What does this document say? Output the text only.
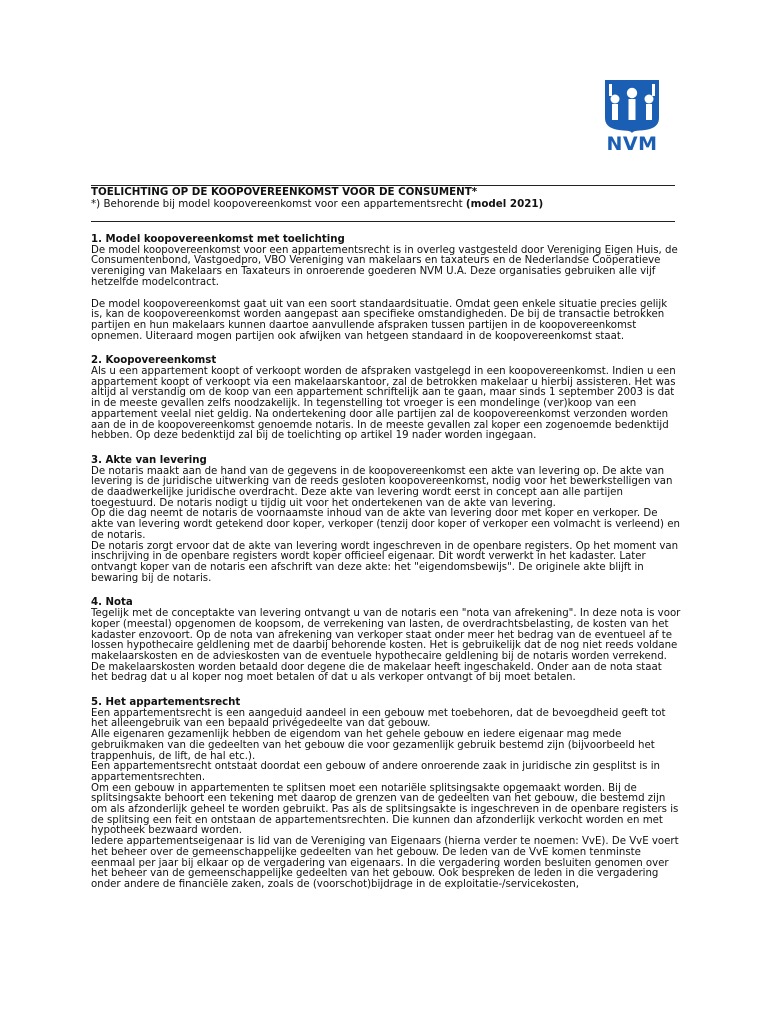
NVM
TOELICHTING OP DE KOOPOVEREENKOMST VOOR DE CONSUMENT*
*) Behorende bij model koopovereenkomst voor een appartementsrecht (model 2021)
1. Model koopovereenkomst met toelichting

De model koopovereenkomst voor een appartementsrecht is in overleg vastgesteld door Vereniging Eigen Huis, de Consumentenbond, Vastgoedpro, VBO Vereniging van makelaars en taxateurs en de Nederlandse Coöperatieve vereniging van Makelaars en Taxateurs in onroerende goederen NVM U.A. Deze organisaties gebruiken alle vijf hetzelfde modelcontract.

De model koopovereenkomst gaat uit van een soort standaardsituatie. Omdat geen enkele situatie precies gelijk is, kan de koopovereenkomst worden aangepast aan specifieke omstandigheden. De bij de transactie betrokken partijen en hun makelaars kunnen daartoe aanvullende afspraken tussen partijen in de koopovereenkomst opnemen. Uiteraard mogen partijen ook afwijken van hetgeen standaard in de koopovereenkomst staat.

2. Koopovereenkomst

Als u een appartement koopt of verkoopt worden de afspraken vastgelegd in een koopovereenkomst. Indien u een appartement koopt of verkoopt via een makelaarskantoor, zal de betrokken makelaar u hierbij assisteren. Het was altijd al verstandig om de koop van een appartement schriftelijk aan te gaan, maar sinds 1 september 2003 is dat in de meeste gevallen zelfs noodzakelijk. In tegenstelling tot vroeger is een mondelinge (ver)koop van een appartement veelal niet geldig. Na ondertekening door alle partijen zal de koopovereenkomst verzonden worden aan de in de koopovereenkomst genoemde notaris. In de meeste gevallen zal koper een zogenoemde bedenktijd hebben. Op deze bedenktijd zal bij de toelichting op artikel 19 nader worden ingegaan.

3. Akte van levering

De notaris maakt aan de hand van de gegevens in de koopovereenkomst een akte van levering op. De akte van levering is de juridische uitwerking van de reeds gesloten koopovereenkomst, nodig voor het bewerkstelligen van de daadwerkelijke juridische overdracht. Deze akte van levering wordt eerst in concept aan alle partijen toegestuurd. De notaris nodigt u tijdig uit voor het ondertekenen van de akte van levering.

Op die dag neemt de notaris de voornaamste inhoud van de akte van levering door met koper en verkoper. De akte van levering wordt getekend door koper, verkoper (tenzij door koper of verkoper een volmacht is verleend) en de notaris.

De notaris zorgt ervoor dat de akte van levering wordt ingeschreven in de openbare registers. Op het moment van inschrijving in de openbare registers wordt koper officieel eigenaar. Dit wordt verwerkt in het kadaster. Later ontvangt koper van de notaris een afschrift van deze akte: het "eigendomsbewijs". De originele akte blijft in bewaring bij de notaris.

4. Nota

Tegelijk met de conceptakte van levering ontvangt u van de notaris een "nota van afrekening". In deze nota is voor koper (meestal) opgenomen de koopsom, de verrekening van lasten, de overdrachtsbelasting, de kosten van het kadaster enzovoort. Op de nota van afrekening van verkoper staat onder meer het bedrag van de eventueel af te lossen hypothecaire geldlening met de daarbij behorende kosten. Het is gebruikelijk dat de nog niet reeds voldane makelaarskosten en de advieskosten van de eventuele hypothecaire geldlening bij de notaris worden verrekend. De makelaarskosten worden betaald door degene die de makelaar heeft ingeschakeld. Onder aan de nota staat het bedrag dat u al koper nog moet betalen of dat u als verkoper ontvangt of bij moet betalen.

5. Het appartementsrecht

Een appartementsrecht is een aangeduid aandeel in een gebouw met toebehoren, dat de bevoegdheid geeft tot het alleengebruik van een bepaald privégedeelte van dat gebouw.

Alle eigenaren gezamenlijk hebben de eigendom van het gehele gebouw en iedere eigenaar mag mede gebruikmaken van die gedeelten van het gebouw die voor gezamenlijk gebruik bestemd zijn (bijvoorbeeld het trappenhuis, de lift, de hal etc.).

Een appartementsrecht ontstaat doordat een gebouw of andere onroerende zaak in juridische zin gesplitst is in appartementsrechten.

Om een gebouw in appartementen te splitsen moet een notariële splitsingsakte opgemaakt worden. Bij de splitsingsakte behoort een tekening met daarop de grenzen van de gedeelten van het gebouw, die bestemd zijn om als afzonderlijk geheel te worden gebruikt. Pas als de splitsingsakte is ingeschreven in de openbare registers is de splitsing een feit en ontstaan de appartementsrechten. Die kunnen dan afzonderlijk verkocht worden en met hypotheek bezwaard worden.

Iedere appartementseigenaar is lid van de Vereniging van Eigenaars (hierna verder te noemen: VvE). De VvE voert het beheer over de gemeenschappelijke gedeelten van het gebouw. De leden van de VvE komen tenminste eenmaal per jaar bij elkaar op de vergadering van eigenaars. In die vergadering worden besluiten genomen over het beheer van de gemeenschappelijke gedeelten van het gebouw. Ook bespreken de leden in die vergadering onder andere de financiële zaken, zoals de (voorschot)bijdrage in de exploitatie-/servicekosten,
